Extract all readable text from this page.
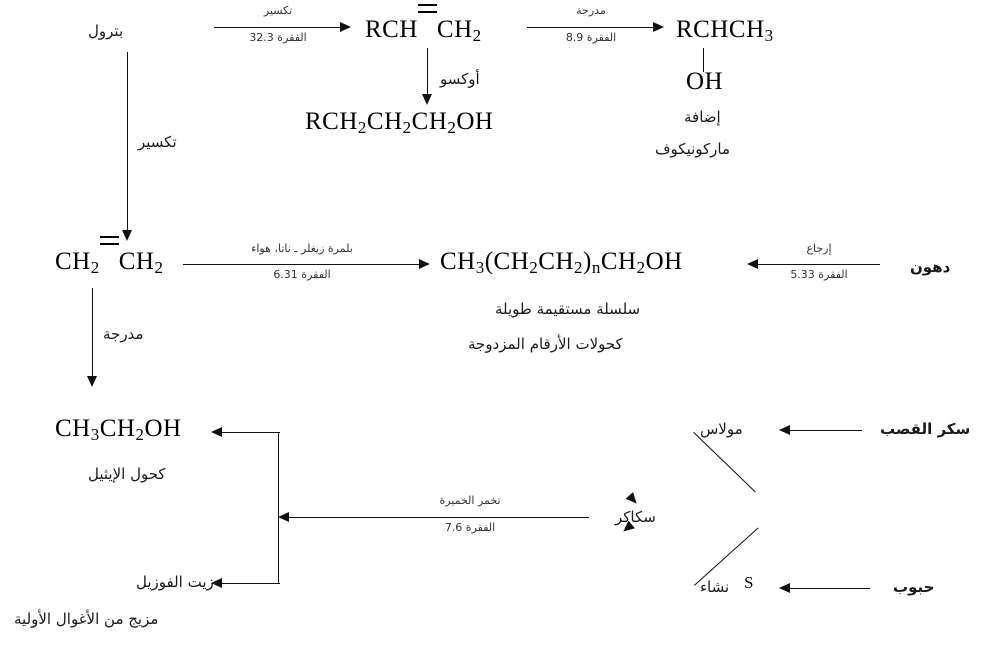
بترول
تكسير
الفقرة 32.3	RCH $CH_2$
مدرجة
الفقرة 8.9	$RCHCH_3$
OH
إضافة
ماركونيكوف
أوكسو
$RCH_2CH_2CH_2OH$
تكسير
$CH_2$ $CH_2$
بلمرة زيغلر ـ ناتا، هواء
الفقرة 6.31	$CH_3(CH_2CH_2)_nCH_2OH$	إرجاع
الفقرة 5.33	دهون
سلسلة مستقيمة طويلة
كحولات الأرقام المزدوجة
مدرجة
$CH_3CH_2OH$
كحول الإيثيل
تخمر الخميرة
الفقرة 7.6
زيت الفوزيل
مزيج من الأغوال الأولية
سكاكر
مولاس	سكر القصب
نشاء S	حبوب
